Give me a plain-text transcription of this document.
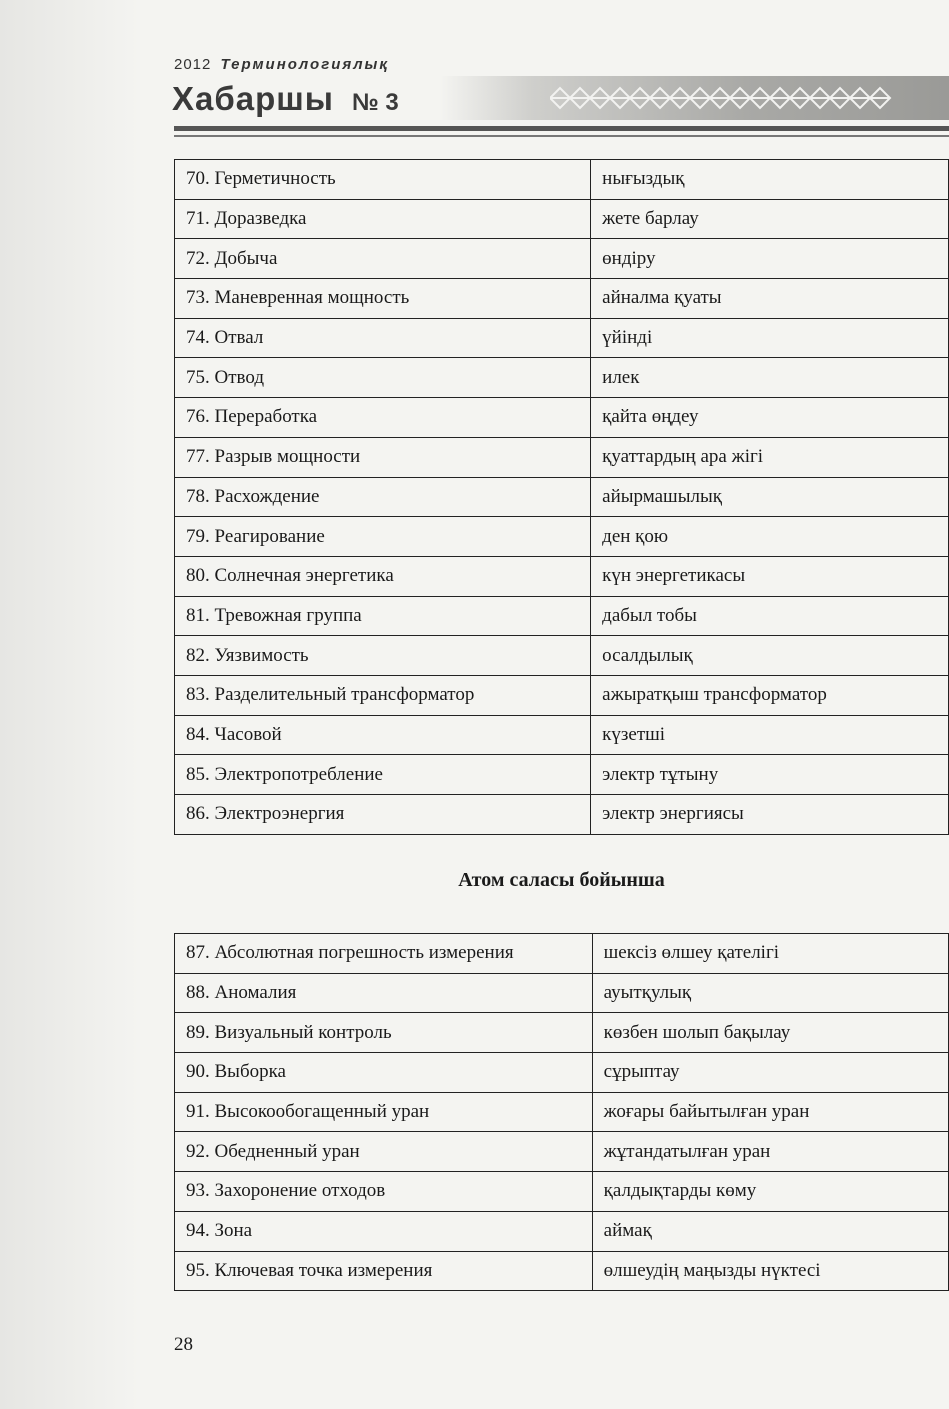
2012 Терминологиялық
Хабаршы № 3
70. Герметичность	нығыздық
71. Доразведка	жете барлау
72. Добыча	өндіру
73. Маневренная мощность	айналма қуаты
74. Отвал	үйінді
75. Отвод	илек
76. Переработка	қайта өңдеу
77. Разрыв мощности	қуаттардың ара жігі
78. Расхождение	айырмашылық
79. Реагирование	ден қою
80. Солнечная энергетика	күн энергетикасы
81. Тревожная группа	дабыл тобы
82. Уязвимость	осалдылық
83. Разделительный трансформатор	ажыратқыш трансформатор
84. Часовой	күзетші
85. Электропотребление	электр тұтыну
86. Электроэнергия	электр энергиясы
Атом саласы бойынша
87. Абсолютная погрешность измерения	шексіз өлшеу қателігі
88. Аномалия	ауытқулық
89. Визуальный контроль	көзбен шолып бақылау
90. Выборка	сұрыптау
91. Высокообогащенный уран	жоғары байытылған уран
92. Обедненный уран	жұтандатылған уран
93. Захоронение отходов	қалдықтарды көму
94. Зона	аймақ
95. Ключевая точка измерения	өлшеудің маңызды нүктесі
28
